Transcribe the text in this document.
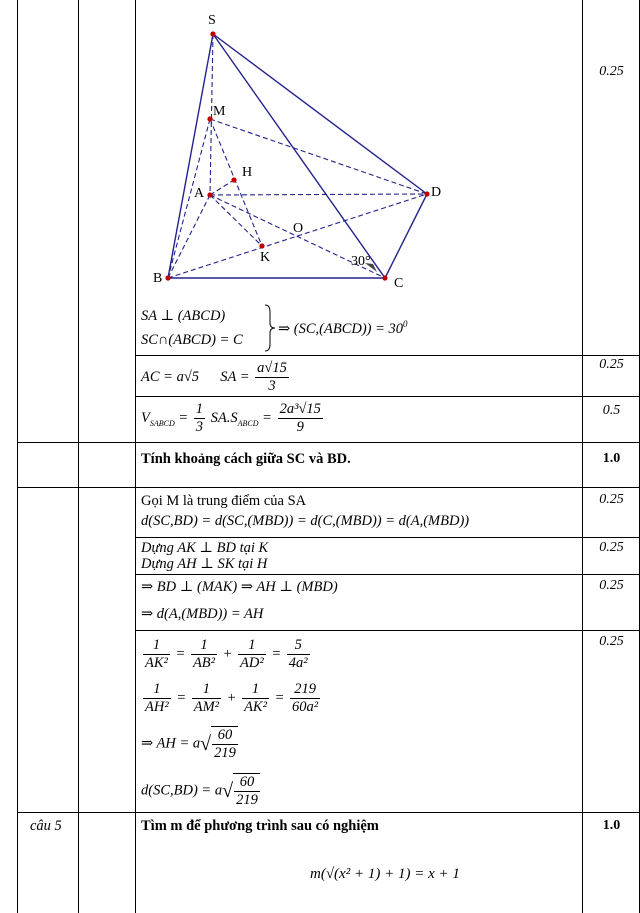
S
M
H
A	D
O
K
B	C
30°
0.25
0.25
0.5
1.0
0.25
0.25
0.25
0.25
1.0
SA ⊥ (ABCD)
SC∩(ABCD) = C
⇒ (SC,(ABCD)) = $30^0$
AC = a√5 SA = $\frac{a√15}{3}$
$V_{SABCD} = \frac{1}{3} SA.S_{ABCD} = \frac{\text{2a³√15}}{9}$
Tính khoảng cách giữa SC và BD.
Gọi M là trung điểm của SA
d(SC,BD) = d(SC,(MBD)) = d(C,(MBD)) = d(A,(MBD))
Dựng AK ⊥ BD tại K
Dựng AH ⊥ SK tại H
⇒ BD ⊥ (MAK) ⇒ AH ⊥ (MBD)
⇒ d(A,(MBD)) = AH
$\frac{1}{\text{AK²}} = \frac{1}{\text{AB²}} + \frac{1}{\text{AD²}} = \frac{5}{\text{4a²}}$
$\frac{1}{\text{AH²}} = \frac{1}{\text{AM²}} + \frac{1}{\text{AK²}} = \frac{219}{\text{60a²}}$
⇒ AH = $a√ \frac{60}{219}$
$d(SC,BD) = a√ \frac{60}{219}$
câu 5	Tìm m để phương trình sau có nghiệm
m(√(x² + 1) + 1) = x + 1
